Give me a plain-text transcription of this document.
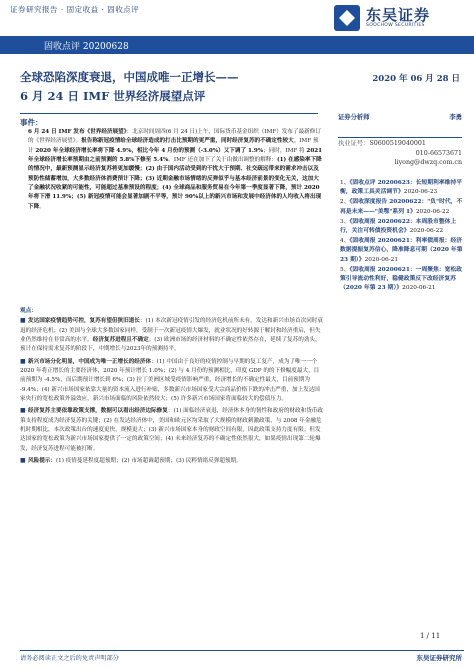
证券研究报告 · 固定收益 · 固收点评	东吴证券
SOOCHOW SECURITIES
固收点评 20200628
全球恐陷深度衰退，中国成唯一正增长——
6 月 24 日 IMF 世界经济展望点评
2020 年 06 月 28 日
事件：
6 月 24 日 IMF 发布《世界经济展望》：北京时间周四(6 月 24 日)上午，国际货币基金组织（IMF）发布了最新修订的《世界经济展望》。报告称新冠疫情给全球经济造成的打击比预期的更严重，同时经济复苏的不确定性较大。IMF 预计 2020 年全球经济增长率将下降 4.9%，相比今年 4 月份的预测（-3.0%）又下调了 1.9%；同时，IMF 将 2021 年全球经济增长率预期由之前预测的 5.8%下修至 5.4%。IMF 还在加下了关于由做出调整的解释：(1) 在感染率下降的情况中，最新预测显示经济复苏将更加缓慢；(2) 由于国内活动受到的干扰大于预期、社交疏远带来的需求冲击以及预防性储蓄增加，大多数经济体消费预计下降；(3) 近期金融市场情绪的反弹似乎与基本经济前景的变化无关，这加大了金融状况收紧的可能性，可能超过基准预设的程度；(4) 全球商品和服务贸易在今年第一季度显著下降，预计 2020 年将下滑 11.9%；(5) 新冠疫情可能会显著加剧不平等，预计 90%以上的新兴市场和发展中经济体的人均收入将出现下降。
观点：

■ 发达国家疫情趋势可控，复苏有望但狭旧道长：(1) 本次新冠疫情引发的经济危机前所未有。发达和新兴市场首次同时衰退的经济危机；(2) 美国与全球大多数国家同样，受制于一次新冠疫情大爆发，就业状况的好转源于解封和经济重启，但失业仍然维持在非常高的水平。经济复苏进程且不确定；(3) 欧洲市场的经济材料的不确定性依然存在，延续了复苏的劲头，预计在保持需求复苏的阶段下，中期增长与2023年的预测持平。

■ 新兴市场分化明显，中国成为唯一正增长的经济体：(1) 中国由于良好的疫情控制与早期的复工复产，成为了唯一一个 2020 年将正增长的主要经济体，2020 年预计增长 1.0%；(2) 与 4 月份的预测相比，印度 GDP 的的下修幅度最大，目前预期为 -4.5%，而后期预计增长到 6%；(3) 拉丁美洲区域受疫情影响严重，经济增长的不确定性最大，目前预期为 -9.4%；(4) 新兴市场国家依靠大量的资本流入进行补贴，多数新兴市场国家受大宗商品价格下跌的冲击严重，加上发达国家央行的宽松政策外溢效应，新兴市场面临的风险依然较大；(5) 许多新兴市场国家将面临较大的偿债压力。

■ 经济复苏主要依靠政策支撑，数据可以看出经济边际修复：(1) 面临经济衰退，经济体本身的韧性和政府的财政和货币政策支持程度成为经济复苏的关键；(2) 在发达经济体中，美国和欧元区均采取了大规模的财政刺激政策，与 2008 年金融危机时期相比，本次政策出台的速度更快，规模更大；(3) 新兴市场国家本身的财政空间有限，因此政策支持力度有限；但发达国家的宽松政策为新兴市场国家提供了一定的政策空间；(4) 未来经济复苏的不确定性依然很大，如果疫情出现第二轮爆发，经济复苏进程可能被打断。

■ 风险提示：(1) 疫情蔓延程度超预期；(2) 市场超调超预期；(3) 民粹情绪反弹超预期。

证券分析师	李勇
执业证号：S0600519040001
010-66573671
liyong@dwzq.com.cn
1、《固收点评 20200623：长短期利率维持平衡，政策工具灵活调节》2020-06-23
2、《固收深度报告 20200622："负"时代，不再是未来——"美鄂"系列 1》2020-06-22
3、《固收周报 20200622：本周股市整体上行，关注可转债投资机会》2020-06-22
4、《固收周报 20200621：利率债周报：经济数据提振复苏信心，降准降息可期（2020 年第 23 期）》2020-06-21
5、《固收周报 20200621：一周聚焦：宽松政策引导流动性利好，稳健政策反下改经济复苏（2020 年第 23 期）》2020-06-21
1 / 11
请务必阅读正文之后的免责声明部分	东吴证券研究所
